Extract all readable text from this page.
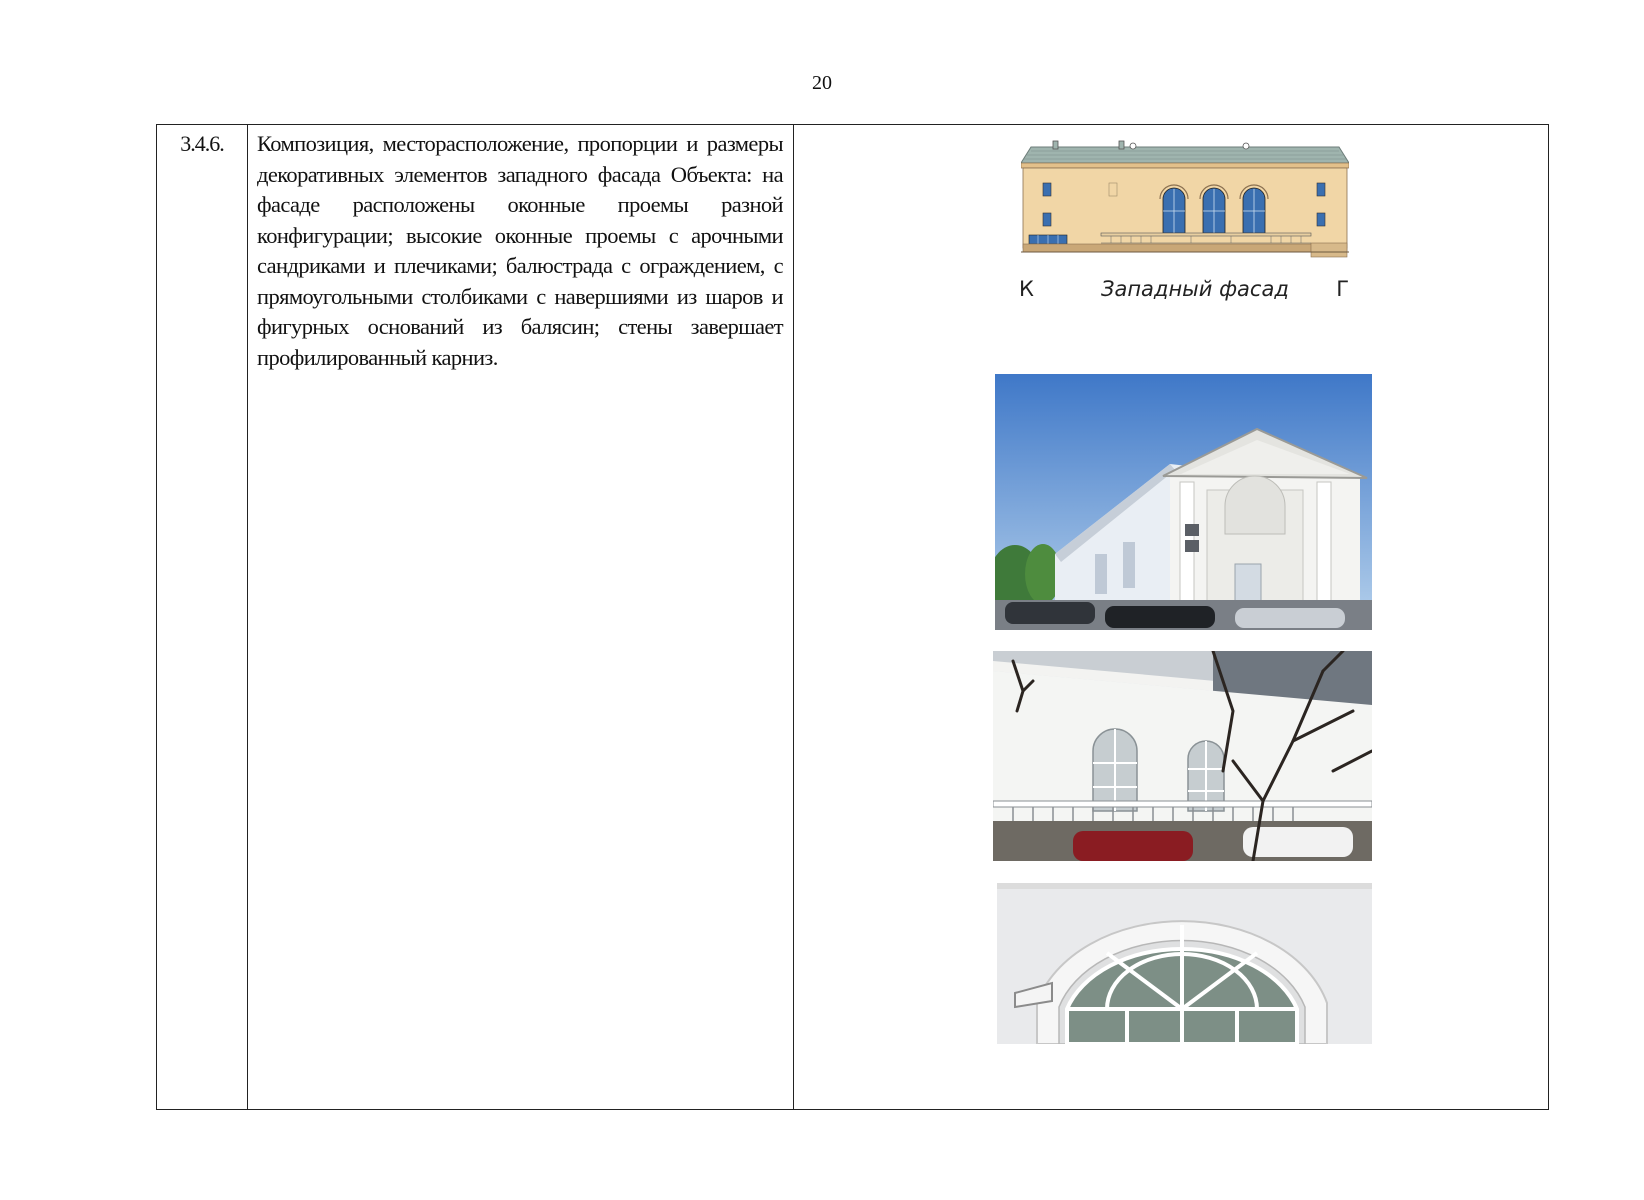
20
3.4.6.	Композиция, месторасположение, пропорции и размеры декоративных элементов западного фасада Объекта: на фасаде расположены оконные проемы разной конфигурации; высокие оконные проемы с арочными сандриками и плечиками; балюстрада с ограждением, с прямоугольными столбиками с навершиями из шаров и фигурных оснований из балясин; стены завершает профилированный карниз.
К	Западный фасад Г
